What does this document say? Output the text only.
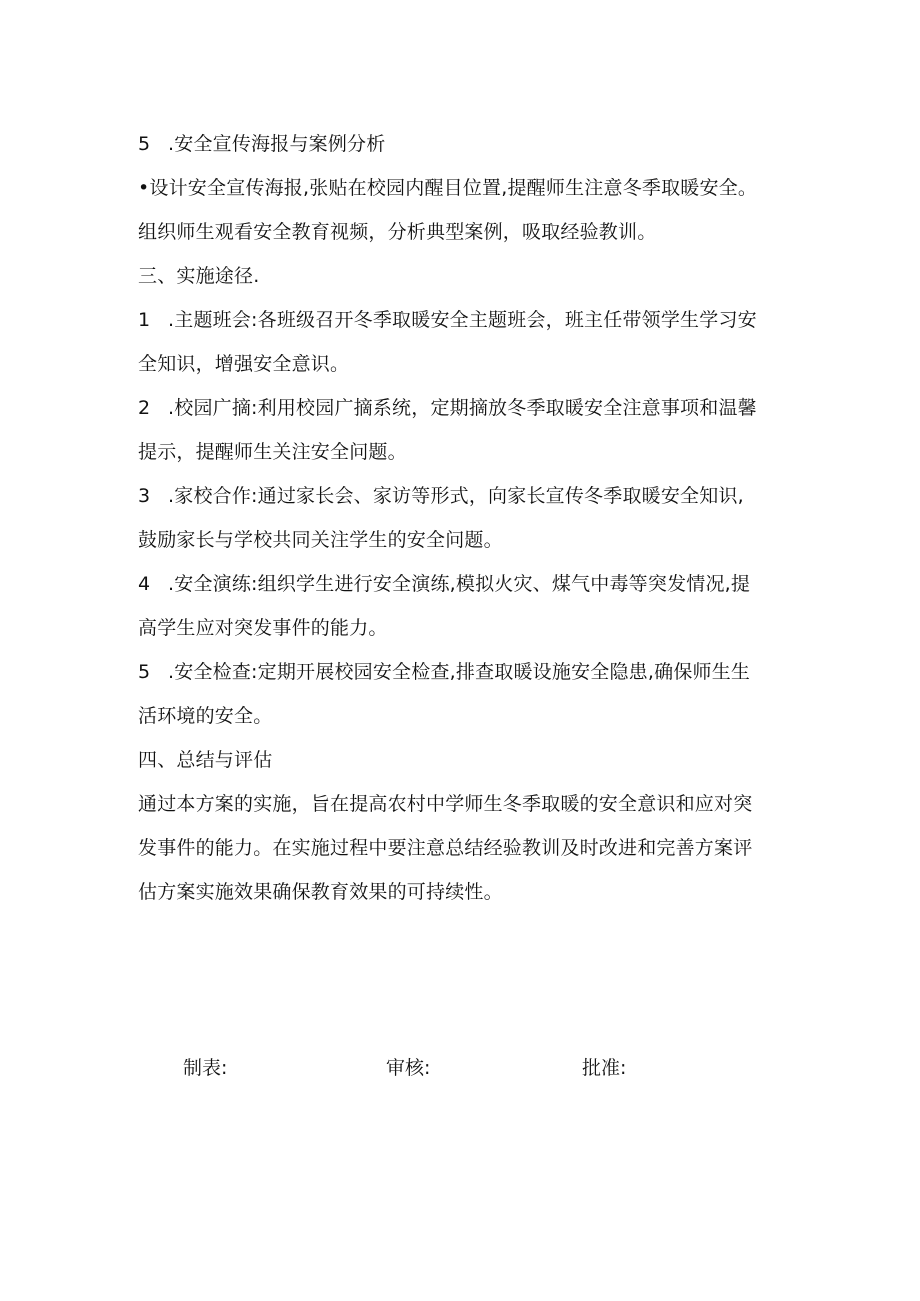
5 .安全宣传海报与案例分析
•设计安全宣传海报,张贴在校园内醒目位置,提醒师生注意冬季取暖安全。
组织师生观看安全教育视频，分析典型案例，吸取经验教训。
三、实施途径.
1 .主题班会:各班级召开冬季取暖安全主题班会，班主任带领学生学习安
全知识，增强安全意识。
2 .校园广摘:利用校园广摘系统，定期摘放冬季取暖安全注意事项和温馨
提示，提醒师生关注安全问题。
3 .家校合作:通过家长会、家访等形式，向家长宣传冬季取暖安全知识,
鼓励家长与学校共同关注学生的安全问题。
4 .安全演练:组织学生进行安全演练,模拟火灾、煤气中毒等突发情况,提
高学生应对突发事件的能力。
5 .安全检查:定期开展校园安全检查,排查取暖设施安全隐患,确保师生生
活环境的安全。
四、总结与评估
通过本方案的实施，旨在提高农村中学师生冬季取暖的安全意识和应对突
发事件的能力。在实施过程中要注意总结经验教训及时改进和完善方案评
估方案实施效果确保教育效果的可持续性。
制表:	审核:	批准:
